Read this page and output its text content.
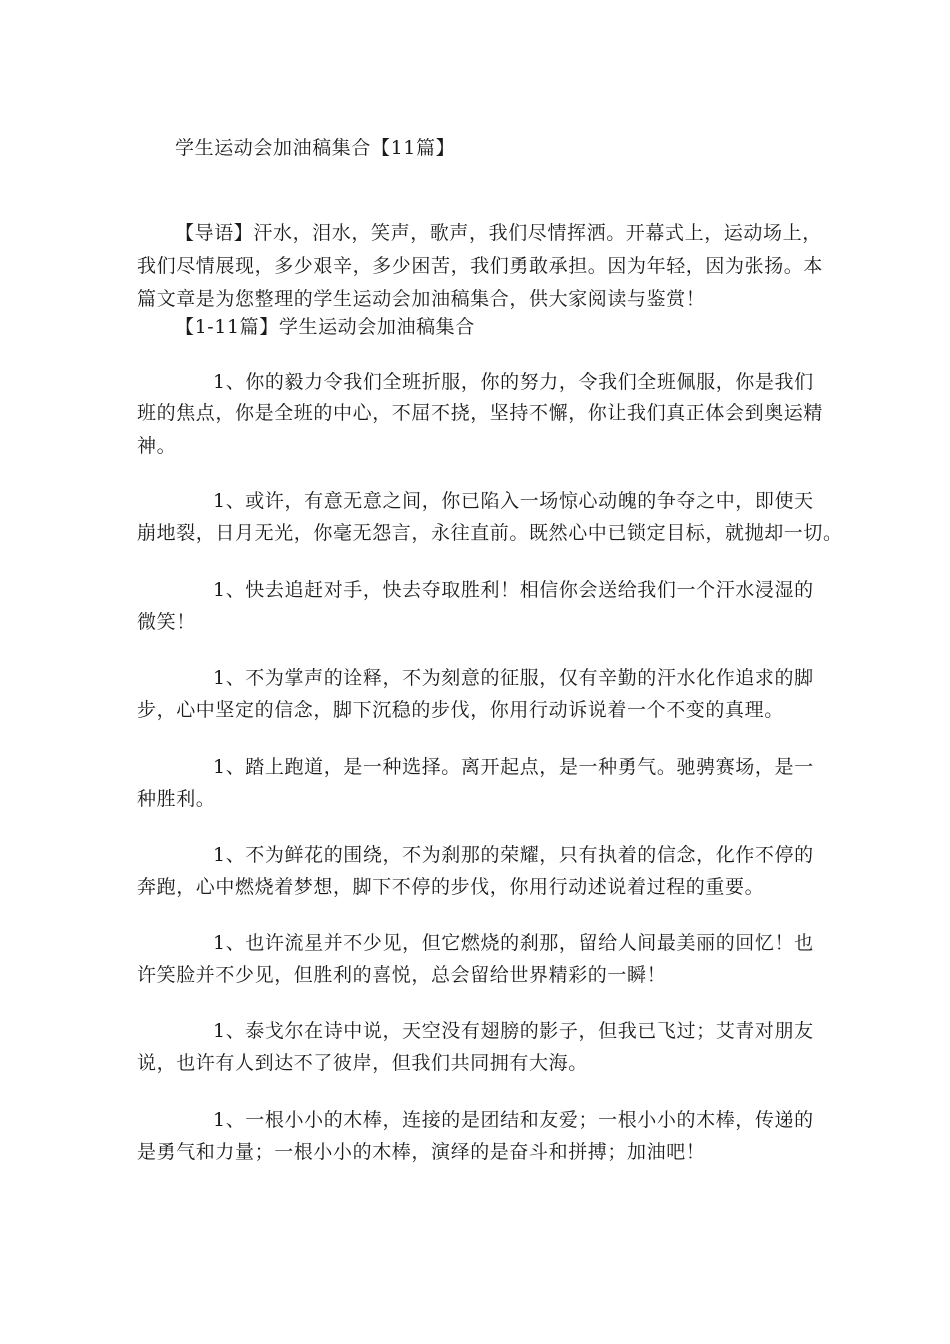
学生运动会加油稿集合【11篇】
【导语】汗水，泪水，笑声，歌声，我们尽情挥洒。开幕式上，运动场上，
我们尽情展现，多少艰辛，多少困苦，我们勇敢承担。因为年轻，因为张扬。本
篇文章是为您整理的学生运动会加油稿集合，供大家阅读与鉴赏！
【1-11篇】学生运动会加油稿集合
1、你的毅力令我们全班折服，你的努力，令我们全班佩服，你是我们
班的焦点，你是全班的中心，不屈不挠，坚持不懈，你让我们真正体会到奥运精
神。
1、或许，有意无意之间，你已陷入一场惊心动魄的争夺之中，即使天
崩地裂，日月无光，你毫无怨言，永往直前。既然心中已锁定目标，就抛却一切。
1、快去追赶对手，快去夺取胜利！相信你会送给我们一个汗水浸湿的
微笑！
1、不为掌声的诠释，不为刻意的征服，仅有辛勤的汗水化作追求的脚
步，心中坚定的信念，脚下沉稳的步伐，你用行动诉说着一个不变的真理。
1、踏上跑道，是一种选择。离开起点，是一种勇气。驰骋赛场，是一
种胜利。
1、不为鲜花的围绕，不为刹那的荣耀，只有执着的信念，化作不停的
奔跑，心中燃烧着梦想，脚下不停的步伐，你用行动述说着过程的重要。
1、也许流星并不少见，但它燃烧的刹那，留给人间最美丽的回忆！也
许笑脸并不少见，但胜利的喜悦，总会留给世界精彩的一瞬！
1、泰戈尔在诗中说，天空没有翅膀的影子，但我已飞过；艾青对朋友
说，也许有人到达不了彼岸，但我们共同拥有大海。
1、一根小小的木棒，连接的是团结和友爱；一根小小的木棒，传递的
是勇气和力量；一根小小的木棒，演绎的是奋斗和拼搏；加油吧！
